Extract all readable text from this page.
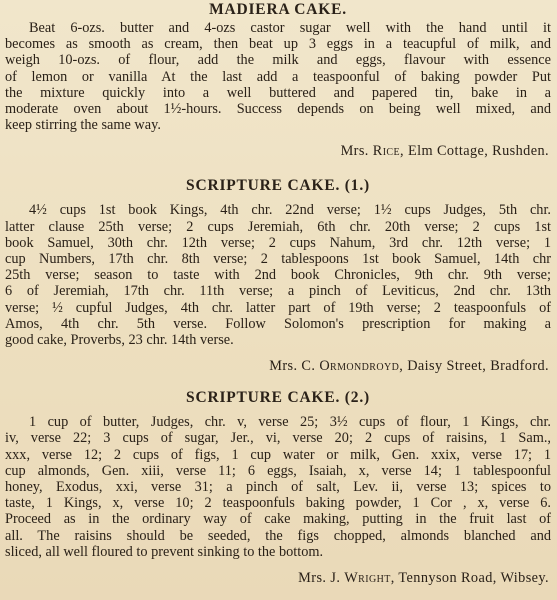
MADIERA CAKE.
Beat 6-ozs. butter and 4-ozs castor sugar well with the hand until it
becomes as smooth as cream, then beat up 3 eggs in a teacupful of milk, and
weigh 10-ozs. of flour, add the milk and eggs, flavour with essence
of lemon or vanilla At the last add a teaspoonful of baking powder Put
the mixture quickly into a well buttered and papered tin, bake in a
moderate oven about 1½-hours. Success depends on being well mixed, and
keep stirring the same way.
Mrs. Rice, Elm Cottage, Rushden.
SCRIPTURE CAKE. (1.)
4½ cups 1st book Kings, 4th chr. 22nd verse; 1½ cups Judges, 5th chr.
latter clause 25th verse; 2 cups Jeremiah, 6th chr. 20th verse; 2 cups 1st
book Samuel, 30th chr. 12th verse; 2 cups Nahum, 3rd chr. 12th verse; 1
cup Numbers, 17th chr. 8th verse; 2 tablespoons 1st book Samuel, 14th chr
25th verse; season to taste with 2nd book Chronicles, 9th chr. 9th verse;
6 of Jeremiah, 17th chr. 11th verse; a pinch of Leviticus, 2nd chr. 13th
verse; ½ cupful Judges, 4th chr. latter part of 19th verse; 2 teaspoonfuls of
Amos, 4th chr. 5th verse. Follow Solomon's prescription for making a
good cake, Proverbs, 23 chr. 14th verse.
Mrs. C. Ormondroyd, Daisy Street, Bradford.
SCRIPTURE CAKE. (2.)
1 cup of butter, Judges, chr. v, verse 25; 3½ cups of flour, 1 Kings, chr.
iv, verse 22; 3 cups of sugar, Jer., vi, verse 20; 2 cups of raisins, 1 Sam.,
xxx, verse 12; 2 cups of figs, 1 cup water or milk, Gen. xxix, verse 17; 1
cup almonds, Gen. xiii, verse 11; 6 eggs, Isaiah, x, verse 14; 1 tablespoonful
honey, Exodus, xxi, verse 31; a pinch of salt, Lev. ii, verse 13; spices to
taste, 1 Kings, x, verse 10; 2 teaspoonfuls baking powder, 1 Cor , x, verse 6.
Proceed as in the ordinary way of cake making, putting in the fruit last of
all. The raisins should be seeded, the figs chopped, almonds blanched and
sliced, all well floured to prevent sinking to the bottom.
Mrs. J. Wright, Tennyson Road, Wibsey.
